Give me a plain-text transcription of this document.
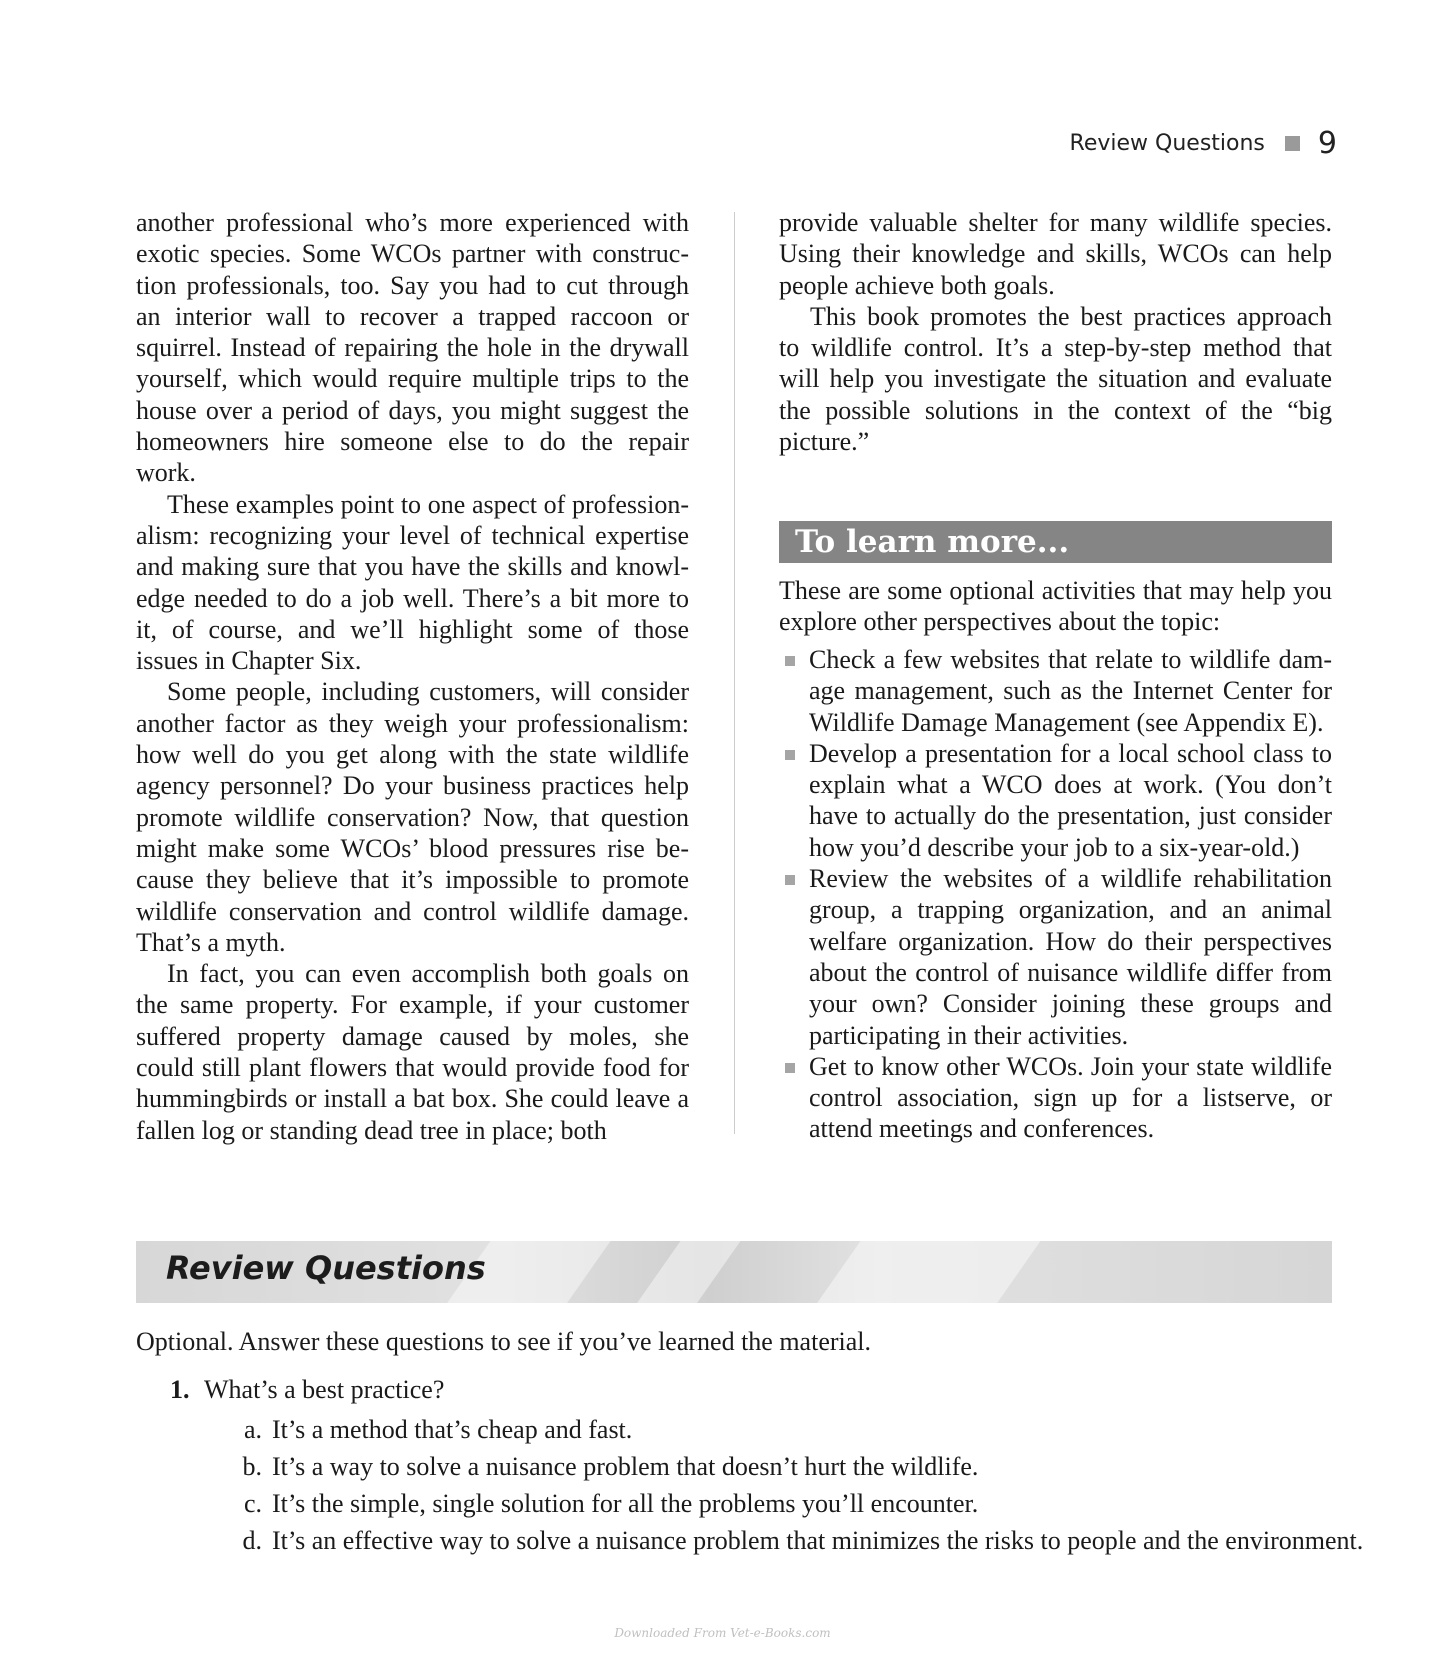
Review Questions 9

another professional who’s more experienced with exotic species. Some WCOs partner with construc-tion professionals, too. Say you had to cut through an interior wall to recover a trapped raccoon or squirrel. Instead of repairing the hole in the drywall yourself, which would require multiple trips to the house over a period of days, you might suggest the homeowners hire someone else to do the repair work.

These examples point to one aspect of profession-alism: recognizing your level of technical expertise and making sure that you have the skills and knowl-edge needed to do a job well. There’s a bit more to it, of course, and we’ll highlight some of those issues in Chapter Six.

Some people, including customers, will consider another factor as they weigh your professionalism: how well do you get along with the state wildlife agency personnel? Do your business practices help promote wildlife conservation? Now, that question might make some WCOs’ blood pressures rise be-cause they believe that it’s impossible to promote wildlife conservation and control wildlife damage. That’s a myth.

In fact, you can even accomplish both goals on the same property. For example, if your customer suffered property damage caused by moles, she could still plant flowers that would provide food for hummingbirds or install a bat box. She could leave a fallen log or standing dead tree in place; both

provide valuable shelter for many wildlife species. Using their knowledge and skills, WCOs can help people achieve both goals.

This book promotes the best practices approach to wildlife control. It’s a step-by-step method that will help you investigate the situation and evaluate the possible solutions in the context of the “big picture.”

To learn more...
These are some optional activities that may help you explore other perspectives about the topic:
Check a few websites that relate to wildlife dam-age management, such as the Internet Center for Wildlife Damage Management (see Appendix E).
Develop a presentation for a local school class to explain what a WCO does at work. (You don’t have to actually do the presentation, just consider how you’d describe your job to a six-year-old.)
Review the websites of a wildlife rehabilitation group, a trapping organization, and an animal welfare organization. How do their perspectives about the control of nuisance wildlife differ from your own? Consider joining these groups and participating in their activities.
Get to know other WCOs. Join your state wildlife control association, sign up for a listserve, or attend meetings and conferences.
Review Questions
Optional. Answer these questions to see if you’ve learned the material.
1. What’s a best practice?
a. It’s a method that’s cheap and fast.
b. It’s a way to solve a nuisance problem that doesn’t hurt the wildlife.
c. It’s the simple, single solution for all the problems you’ll encounter.
d. It’s an effective way to solve a nuisance problem that minimizes the risks to people and the environment.
Downloaded From Vet-e-Books.com
